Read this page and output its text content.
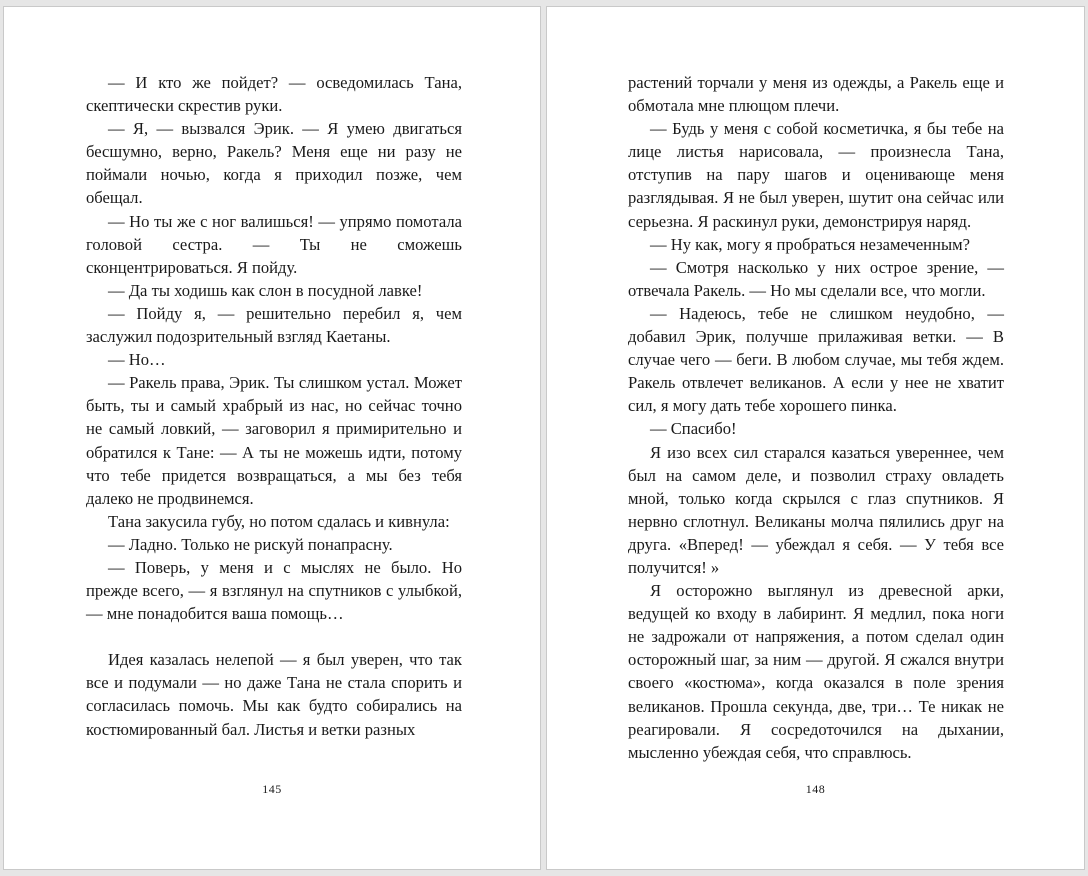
— И кто же пойдет? — осведомилась Тана, скептически скрестив руки.

— Я, — вызвался Эрик. — Я умею двигаться бесшумно, верно, Ракель? Меня еще ни разу не поймали ночью, когда я приходил позже, чем обещал.

— Но ты же с ног валишься! — упрямо помотала головой сестра. — Ты не сможешь сконцентрироваться. Я пойду.

— Да ты ходишь как слон в посудной лавке!

— Пойду я, — решительно перебил я, чем заслужил подозрительный взгляд Каетаны.

— Но…

— Ракель права, Эрик. Ты слишком устал. Может быть, ты и самый храбрый из нас, но сейчас точно не самый ловкий, — заговорил я примирительно и обратился к Тане: — А ты не можешь идти, потому что тебе придется возвращаться, а мы без тебя далеко не продвинемся.

Тана закусила губу, но потом сдалась и кивнула:

— Ладно. Только не рискуй понапрасну.

— Поверь, у меня и с мыслях не было. Но прежде всего, — я взглянул на спутников с улыбкой, — мне понадобится ваша помощь…

Идея казалась нелепой — я был уверен, что так все и подумали — но даже Тана не стала спорить и согласилась помочь. Мы как будто собирались на костюмированный бал. Листья и ветки разных

145

растений торчали у меня из одежды, а Ракель еще и обмотала мне плющом плечи.

— Будь у меня с собой косметичка, я бы тебе на лице листья нарисовала, — произнесла Тана, отступив на пару шагов и оценивающе меня разглядывая. Я не был уверен, шутит она сейчас или серьезна. Я раскинул руки, демонстрируя наряд.

— Ну как, могу я пробраться незамеченным?

— Смотря насколько у них острое зрение, — отвечала Ракель. — Но мы сделали все, что могли.

— Надеюсь, тебе не слишком неудобно, — добавил Эрик, получше прилаживая ветки. — В случае чего — беги. В любом случае, мы тебя ждем. Ракель отвлечет великанов. А если у нее не хватит сил, я могу дать тебе хорошего пинка.

— Спасибо!

Я изо всех сил старался казаться увереннее, чем был на самом деле, и позволил страху овладеть мной, только когда скрылся с глаз спутников. Я нервно сглотнул. Великаны молча пялились друг на друга. «Вперед! — убеждал я себя. — У тебя все получится! »

Я осторожно выглянул из древесной арки, ведущей ко входу в лабиринт. Я медлил, пока ноги не задрожали от напряжения, а потом сделал один осторожный шаг, за ним — другой. Я сжался внутри своего «костюма», когда оказался в поле зрения великанов. Прошла секунда, две, три… Те никак не реагировали. Я сосредоточился на дыхании, мысленно убеждая себя, что справлюсь.

148
